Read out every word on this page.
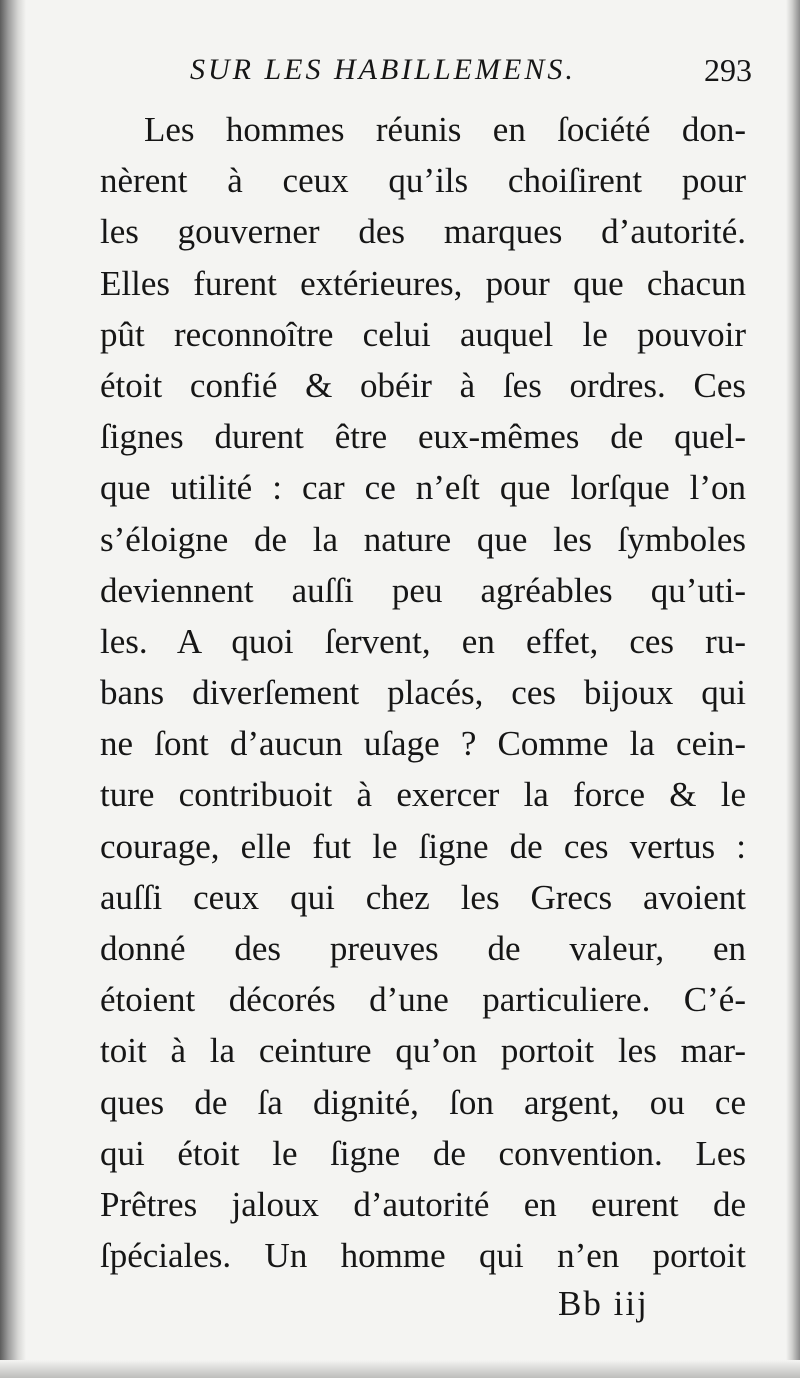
SUR LES HABILLEMENS.	293
Les hommes réunis en ſociété don-
nèrent à ceux qu’ils choiſirent pour
les gouverner des marques d’autorité.
Elles furent extérieures, pour que chacun
pût reconnoître celui auquel le pouvoir
étoit confié & obéir à ſes ordres. Ces
ſignes durent être eux-mêmes de quel-
que utilité : car ce n’eſt que lorſque l’on
s’éloigne de la nature que les ſymboles
deviennent auſſi peu agréables qu’uti-
les. A quoi ſervent, en effet, ces ru-
bans diverſement placés, ces bijoux qui
ne ſont d’aucun uſage ? Comme la cein-
ture contribuoit à exercer la force & le
courage, elle fut le ſigne de ces vertus :
auſſi ceux qui chez les Grecs avoient
donné des preuves de valeur, en
étoient décorés d’une particuliere. C’é-
toit à la ceinture qu’on portoit les mar-
ques de ſa dignité, ſon argent, ou ce
qui étoit le ſigne de convention. Les
Prêtres jaloux d’autorité en eurent de
ſpéciales. Un homme qui n’en portoit
Bb iij
